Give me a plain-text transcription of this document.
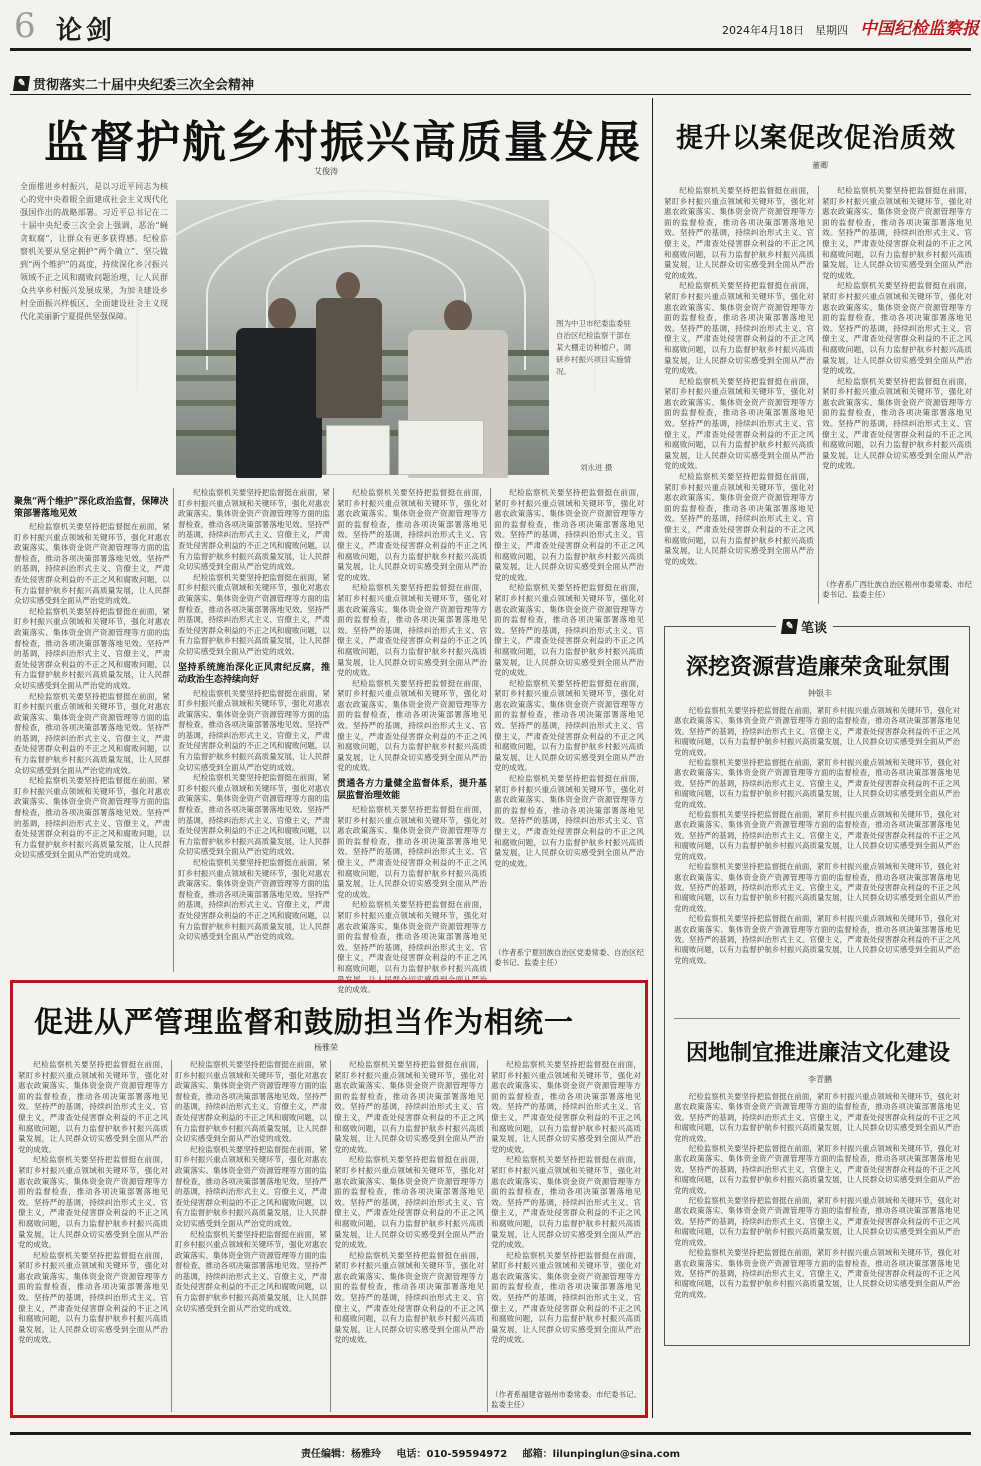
6 论剑	2024年4月18日 星期四 中国纪检监察报
✎ 贯彻落实二十届中央纪委三次全会精神
监督护航乡村振兴高质量发展
艾俊涛
全面推进乡村振兴，是以习近平同志为核心的党中央着眼全面建成社会主义现代化强国作出的战略部署。习近平总书记在二十届中央纪委三次全会上强调，恶治“蝇贪蚁腐”，让群众有更多获得感。纪检监察机关要从坚定拥护“两个确立”、坚决做到“两个维护”的高度，持续深化乡村振兴领域不正之风和腐败问题治理，让人民群众共享乡村振兴发展成果，为加快建设乡村全面振兴样板区、全面建设社会主义现代化美丽新宁夏提供坚强保障。
图为中卫市纪委监委驻自治区纪检监察干部在某大棚走访种植户，调研乡村振兴项目实施情况。
刘永进 摄
聚焦“两个维护”深化政治监督，保障决策部署落地见效

纪检监察机关要坚持把监督挺在前面，紧盯乡村振兴重点领域和关键环节，强化对惠农政策落实、集体资金资产资源管理等方面的监督检查，推动各项决策部署落地见效。坚持严的基调，持续纠治形式主义、官僚主义，严肃查处侵害群众利益的不正之风和腐败问题，以有力监督护航乡村振兴高质量发展，让人民群众切实感受到全面从严治党的成效。

纪检监察机关要坚持把监督挺在前面，紧盯乡村振兴重点领域和关键环节，强化对惠农政策落实、集体资金资产资源管理等方面的监督检查，推动各项决策部署落地见效。坚持严的基调，持续纠治形式主义、官僚主义，严肃查处侵害群众利益的不正之风和腐败问题，以有力监督护航乡村振兴高质量发展，让人民群众切实感受到全面从严治党的成效。

纪检监察机关要坚持把监督挺在前面，紧盯乡村振兴重点领域和关键环节，强化对惠农政策落实、集体资金资产资源管理等方面的监督检查，推动各项决策部署落地见效。坚持严的基调，持续纠治形式主义、官僚主义，严肃查处侵害群众利益的不正之风和腐败问题，以有力监督护航乡村振兴高质量发展，让人民群众切实感受到全面从严治党的成效。

纪检监察机关要坚持把监督挺在前面，紧盯乡村振兴重点领域和关键环节，强化对惠农政策落实、集体资金资产资源管理等方面的监督检查，推动各项决策部署落地见效。坚持严的基调，持续纠治形式主义、官僚主义，严肃查处侵害群众利益的不正之风和腐败问题，以有力监督护航乡村振兴高质量发展，让人民群众切实感受到全面从严治党的成效。

纪检监察机关要坚持把监督挺在前面，紧盯乡村振兴重点领域和关键环节，强化对惠农政策落实、集体资金资产资源管理等方面的监督检查，推动各项决策部署落地见效。坚持严的基调，持续纠治形式主义、官僚主义，严肃查处侵害群众利益的不正之风和腐败问题，以有力监督护航乡村振兴高质量发展，让人民群众切实感受到全面从严治党的成效。

纪检监察机关要坚持把监督挺在前面，紧盯乡村振兴重点领域和关键环节，强化对惠农政策落实、集体资金资产资源管理等方面的监督检查，推动各项决策部署落地见效。坚持严的基调，持续纠治形式主义、官僚主义，严肃查处侵害群众利益的不正之风和腐败问题，以有力监督护航乡村振兴高质量发展，让人民群众切实感受到全面从严治党的成效。

坚持系统施治深化正风肃纪反腐，推动政治生态持续向好

纪检监察机关要坚持把监督挺在前面，紧盯乡村振兴重点领域和关键环节，强化对惠农政策落实、集体资金资产资源管理等方面的监督检查，推动各项决策部署落地见效。坚持严的基调，持续纠治形式主义、官僚主义，严肃查处侵害群众利益的不正之风和腐败问题，以有力监督护航乡村振兴高质量发展，让人民群众切实感受到全面从严治党的成效。

纪检监察机关要坚持把监督挺在前面，紧盯乡村振兴重点领域和关键环节，强化对惠农政策落实、集体资金资产资源管理等方面的监督检查，推动各项决策部署落地见效。坚持严的基调，持续纠治形式主义、官僚主义，严肃查处侵害群众利益的不正之风和腐败问题，以有力监督护航乡村振兴高质量发展，让人民群众切实感受到全面从严治党的成效。

纪检监察机关要坚持把监督挺在前面，紧盯乡村振兴重点领域和关键环节，强化对惠农政策落实、集体资金资产资源管理等方面的监督检查，推动各项决策部署落地见效。坚持严的基调，持续纠治形式主义、官僚主义，严肃查处侵害群众利益的不正之风和腐败问题，以有力监督护航乡村振兴高质量发展，让人民群众切实感受到全面从严治党的成效。

纪检监察机关要坚持把监督挺在前面，紧盯乡村振兴重点领域和关键环节，强化对惠农政策落实、集体资金资产资源管理等方面的监督检查，推动各项决策部署落地见效。坚持严的基调，持续纠治形式主义、官僚主义，严肃查处侵害群众利益的不正之风和腐败问题，以有力监督护航乡村振兴高质量发展，让人民群众切实感受到全面从严治党的成效。

纪检监察机关要坚持把监督挺在前面，紧盯乡村振兴重点领域和关键环节，强化对惠农政策落实、集体资金资产资源管理等方面的监督检查，推动各项决策部署落地见效。坚持严的基调，持续纠治形式主义、官僚主义，严肃查处侵害群众利益的不正之风和腐败问题，以有力监督护航乡村振兴高质量发展，让人民群众切实感受到全面从严治党的成效。

纪检监察机关要坚持把监督挺在前面，紧盯乡村振兴重点领域和关键环节，强化对惠农政策落实、集体资金资产资源管理等方面的监督检查，推动各项决策部署落地见效。坚持严的基调，持续纠治形式主义、官僚主义，严肃查处侵害群众利益的不正之风和腐败问题，以有力监督护航乡村振兴高质量发展，让人民群众切实感受到全面从严治党的成效。

贯通各方力量健全监督体系，提升基层监督治理效能

纪检监察机关要坚持把监督挺在前面，紧盯乡村振兴重点领域和关键环节，强化对惠农政策落实、集体资金资产资源管理等方面的监督检查，推动各项决策部署落地见效。坚持严的基调，持续纠治形式主义、官僚主义，严肃查处侵害群众利益的不正之风和腐败问题，以有力监督护航乡村振兴高质量发展，让人民群众切实感受到全面从严治党的成效。

纪检监察机关要坚持把监督挺在前面，紧盯乡村振兴重点领域和关键环节，强化对惠农政策落实、集体资金资产资源管理等方面的监督检查，推动各项决策部署落地见效。坚持严的基调，持续纠治形式主义、官僚主义，严肃查处侵害群众利益的不正之风和腐败问题，以有力监督护航乡村振兴高质量发展，让人民群众切实感受到全面从严治党的成效。

纪检监察机关要坚持把监督挺在前面，紧盯乡村振兴重点领域和关键环节，强化对惠农政策落实、集体资金资产资源管理等方面的监督检查，推动各项决策部署落地见效。坚持严的基调，持续纠治形式主义、官僚主义，严肃查处侵害群众利益的不正之风和腐败问题，以有力监督护航乡村振兴高质量发展，让人民群众切实感受到全面从严治党的成效。

纪检监察机关要坚持把监督挺在前面，紧盯乡村振兴重点领域和关键环节，强化对惠农政策落实、集体资金资产资源管理等方面的监督检查，推动各项决策部署落地见效。坚持严的基调，持续纠治形式主义、官僚主义，严肃查处侵害群众利益的不正之风和腐败问题，以有力监督护航乡村振兴高质量发展，让人民群众切实感受到全面从严治党的成效。

纪检监察机关要坚持把监督挺在前面，紧盯乡村振兴重点领域和关键环节，强化对惠农政策落实、集体资金资产资源管理等方面的监督检查，推动各项决策部署落地见效。坚持严的基调，持续纠治形式主义、官僚主义，严肃查处侵害群众利益的不正之风和腐败问题，以有力监督护航乡村振兴高质量发展，让人民群众切实感受到全面从严治党的成效。

纪检监察机关要坚持把监督挺在前面，紧盯乡村振兴重点领域和关键环节，强化对惠农政策落实、集体资金资产资源管理等方面的监督检查，推动各项决策部署落地见效。坚持严的基调，持续纠治形式主义、官僚主义，严肃查处侵害群众利益的不正之风和腐败问题，以有力监督护航乡村振兴高质量发展，让人民群众切实感受到全面从严治党的成效。

（作者系宁夏回族自治区党委常委、自治区纪委书记、监委主任）
提升以案促改促治质效
董卿

纪检监察机关要坚持把监督挺在前面，紧盯乡村振兴重点领域和关键环节，强化对惠农政策落实、集体资金资产资源管理等方面的监督检查，推动各项决策部署落地见效。坚持严的基调，持续纠治形式主义、官僚主义，严肃查处侵害群众利益的不正之风和腐败问题，以有力监督护航乡村振兴高质量发展，让人民群众切实感受到全面从严治党的成效。

纪检监察机关要坚持把监督挺在前面，紧盯乡村振兴重点领域和关键环节，强化对惠农政策落实、集体资金资产资源管理等方面的监督检查，推动各项决策部署落地见效。坚持严的基调，持续纠治形式主义、官僚主义，严肃查处侵害群众利益的不正之风和腐败问题，以有力监督护航乡村振兴高质量发展，让人民群众切实感受到全面从严治党的成效。

纪检监察机关要坚持把监督挺在前面，紧盯乡村振兴重点领域和关键环节，强化对惠农政策落实、集体资金资产资源管理等方面的监督检查，推动各项决策部署落地见效。坚持严的基调，持续纠治形式主义、官僚主义，严肃查处侵害群众利益的不正之风和腐败问题，以有力监督护航乡村振兴高质量发展，让人民群众切实感受到全面从严治党的成效。

纪检监察机关要坚持把监督挺在前面，紧盯乡村振兴重点领域和关键环节，强化对惠农政策落实、集体资金资产资源管理等方面的监督检查，推动各项决策部署落地见效。坚持严的基调，持续纠治形式主义、官僚主义，严肃查处侵害群众利益的不正之风和腐败问题，以有力监督护航乡村振兴高质量发展，让人民群众切实感受到全面从严治党的成效。

纪检监察机关要坚持把监督挺在前面，紧盯乡村振兴重点领域和关键环节，强化对惠农政策落实、集体资金资产资源管理等方面的监督检查，推动各项决策部署落地见效。坚持严的基调，持续纠治形式主义、官僚主义，严肃查处侵害群众利益的不正之风和腐败问题，以有力监督护航乡村振兴高质量发展，让人民群众切实感受到全面从严治党的成效。

纪检监察机关要坚持把监督挺在前面，紧盯乡村振兴重点领域和关键环节，强化对惠农政策落实、集体资金资产资源管理等方面的监督检查，推动各项决策部署落地见效。坚持严的基调，持续纠治形式主义、官僚主义，严肃查处侵害群众利益的不正之风和腐败问题，以有力监督护航乡村振兴高质量发展，让人民群众切实感受到全面从严治党的成效。

纪检监察机关要坚持把监督挺在前面，紧盯乡村振兴重点领域和关键环节，强化对惠农政策落实、集体资金资产资源管理等方面的监督检查，推动各项决策部署落地见效。坚持严的基调，持续纠治形式主义、官僚主义，严肃查处侵害群众利益的不正之风和腐败问题，以有力监督护航乡村振兴高质量发展，让人民群众切实感受到全面从严治党的成效。

（作者系广西壮族自治区梧州市委常委、市纪委书记、监委主任）
✎ 笔谈
深挖资源营造廉荣贪耻氛围
钟银丰

纪检监察机关要坚持把监督挺在前面，紧盯乡村振兴重点领域和关键环节，强化对惠农政策落实、集体资金资产资源管理等方面的监督检查，推动各项决策部署落地见效。坚持严的基调，持续纠治形式主义、官僚主义，严肃查处侵害群众利益的不正之风和腐败问题，以有力监督护航乡村振兴高质量发展，让人民群众切实感受到全面从严治党的成效。

纪检监察机关要坚持把监督挺在前面，紧盯乡村振兴重点领域和关键环节，强化对惠农政策落实、集体资金资产资源管理等方面的监督检查，推动各项决策部署落地见效。坚持严的基调，持续纠治形式主义、官僚主义，严肃查处侵害群众利益的不正之风和腐败问题，以有力监督护航乡村振兴高质量发展，让人民群众切实感受到全面从严治党的成效。

纪检监察机关要坚持把监督挺在前面，紧盯乡村振兴重点领域和关键环节，强化对惠农政策落实、集体资金资产资源管理等方面的监督检查，推动各项决策部署落地见效。坚持严的基调，持续纠治形式主义、官僚主义，严肃查处侵害群众利益的不正之风和腐败问题，以有力监督护航乡村振兴高质量发展，让人民群众切实感受到全面从严治党的成效。

纪检监察机关要坚持把监督挺在前面，紧盯乡村振兴重点领域和关键环节，强化对惠农政策落实、集体资金资产资源管理等方面的监督检查，推动各项决策部署落地见效。坚持严的基调，持续纠治形式主义、官僚主义，严肃查处侵害群众利益的不正之风和腐败问题，以有力监督护航乡村振兴高质量发展，让人民群众切实感受到全面从严治党的成效。

纪检监察机关要坚持把监督挺在前面，紧盯乡村振兴重点领域和关键环节，强化对惠农政策落实、集体资金资产资源管理等方面的监督检查，推动各项决策部署落地见效。坚持严的基调，持续纠治形式主义、官僚主义，严肃查处侵害群众利益的不正之风和腐败问题，以有力监督护航乡村振兴高质量发展，让人民群众切实感受到全面从严治党的成效。

因地制宜推进廉洁文化建设
李青鹏

纪检监察机关要坚持把监督挺在前面，紧盯乡村振兴重点领域和关键环节，强化对惠农政策落实、集体资金资产资源管理等方面的监督检查，推动各项决策部署落地见效。坚持严的基调，持续纠治形式主义、官僚主义，严肃查处侵害群众利益的不正之风和腐败问题，以有力监督护航乡村振兴高质量发展，让人民群众切实感受到全面从严治党的成效。

纪检监察机关要坚持把监督挺在前面，紧盯乡村振兴重点领域和关键环节，强化对惠农政策落实、集体资金资产资源管理等方面的监督检查，推动各项决策部署落地见效。坚持严的基调，持续纠治形式主义、官僚主义，严肃查处侵害群众利益的不正之风和腐败问题，以有力监督护航乡村振兴高质量发展，让人民群众切实感受到全面从严治党的成效。

纪检监察机关要坚持把监督挺在前面，紧盯乡村振兴重点领域和关键环节，强化对惠农政策落实、集体资金资产资源管理等方面的监督检查，推动各项决策部署落地见效。坚持严的基调，持续纠治形式主义、官僚主义，严肃查处侵害群众利益的不正之风和腐败问题，以有力监督护航乡村振兴高质量发展，让人民群众切实感受到全面从严治党的成效。

纪检监察机关要坚持把监督挺在前面，紧盯乡村振兴重点领域和关键环节，强化对惠农政策落实、集体资金资产资源管理等方面的监督检查，推动各项决策部署落地见效。坚持严的基调，持续纠治形式主义、官僚主义，严肃查处侵害群众利益的不正之风和腐败问题，以有力监督护航乡村振兴高质量发展，让人民群众切实感受到全面从严治党的成效。

促进从严管理监督和鼓励担当作为相统一
杨雅荣

纪检监察机关要坚持把监督挺在前面，紧盯乡村振兴重点领域和关键环节，强化对惠农政策落实、集体资金资产资源管理等方面的监督检查，推动各项决策部署落地见效。坚持严的基调，持续纠治形式主义、官僚主义，严肃查处侵害群众利益的不正之风和腐败问题，以有力监督护航乡村振兴高质量发展，让人民群众切实感受到全面从严治党的成效。

纪检监察机关要坚持把监督挺在前面，紧盯乡村振兴重点领域和关键环节，强化对惠农政策落实、集体资金资产资源管理等方面的监督检查，推动各项决策部署落地见效。坚持严的基调，持续纠治形式主义、官僚主义，严肃查处侵害群众利益的不正之风和腐败问题，以有力监督护航乡村振兴高质量发展，让人民群众切实感受到全面从严治党的成效。

纪检监察机关要坚持把监督挺在前面，紧盯乡村振兴重点领域和关键环节，强化对惠农政策落实、集体资金资产资源管理等方面的监督检查，推动各项决策部署落地见效。坚持严的基调，持续纠治形式主义、官僚主义，严肃查处侵害群众利益的不正之风和腐败问题，以有力监督护航乡村振兴高质量发展，让人民群众切实感受到全面从严治党的成效。

纪检监察机关要坚持把监督挺在前面，紧盯乡村振兴重点领域和关键环节，强化对惠农政策落实、集体资金资产资源管理等方面的监督检查，推动各项决策部署落地见效。坚持严的基调，持续纠治形式主义、官僚主义，严肃查处侵害群众利益的不正之风和腐败问题，以有力监督护航乡村振兴高质量发展，让人民群众切实感受到全面从严治党的成效。

纪检监察机关要坚持把监督挺在前面，紧盯乡村振兴重点领域和关键环节，强化对惠农政策落实、集体资金资产资源管理等方面的监督检查，推动各项决策部署落地见效。坚持严的基调，持续纠治形式主义、官僚主义，严肃查处侵害群众利益的不正之风和腐败问题，以有力监督护航乡村振兴高质量发展，让人民群众切实感受到全面从严治党的成效。

纪检监察机关要坚持把监督挺在前面，紧盯乡村振兴重点领域和关键环节，强化对惠农政策落实、集体资金资产资源管理等方面的监督检查，推动各项决策部署落地见效。坚持严的基调，持续纠治形式主义、官僚主义，严肃查处侵害群众利益的不正之风和腐败问题，以有力监督护航乡村振兴高质量发展，让人民群众切实感受到全面从严治党的成效。

纪检监察机关要坚持把监督挺在前面，紧盯乡村振兴重点领域和关键环节，强化对惠农政策落实、集体资金资产资源管理等方面的监督检查，推动各项决策部署落地见效。坚持严的基调，持续纠治形式主义、官僚主义，严肃查处侵害群众利益的不正之风和腐败问题，以有力监督护航乡村振兴高质量发展，让人民群众切实感受到全面从严治党的成效。

纪检监察机关要坚持把监督挺在前面，紧盯乡村振兴重点领域和关键环节，强化对惠农政策落实、集体资金资产资源管理等方面的监督检查，推动各项决策部署落地见效。坚持严的基调，持续纠治形式主义、官僚主义，严肃查处侵害群众利益的不正之风和腐败问题，以有力监督护航乡村振兴高质量发展，让人民群众切实感受到全面从严治党的成效。

纪检监察机关要坚持把监督挺在前面，紧盯乡村振兴重点领域和关键环节，强化对惠农政策落实、集体资金资产资源管理等方面的监督检查，推动各项决策部署落地见效。坚持严的基调，持续纠治形式主义、官僚主义，严肃查处侵害群众利益的不正之风和腐败问题，以有力监督护航乡村振兴高质量发展，让人民群众切实感受到全面从严治党的成效。

纪检监察机关要坚持把监督挺在前面，紧盯乡村振兴重点领域和关键环节，强化对惠农政策落实、集体资金资产资源管理等方面的监督检查，推动各项决策部署落地见效。坚持严的基调，持续纠治形式主义、官僚主义，严肃查处侵害群众利益的不正之风和腐败问题，以有力监督护航乡村振兴高质量发展，让人民群众切实感受到全面从严治党的成效。

纪检监察机关要坚持把监督挺在前面，紧盯乡村振兴重点领域和关键环节，强化对惠农政策落实、集体资金资产资源管理等方面的监督检查，推动各项决策部署落地见效。坚持严的基调，持续纠治形式主义、官僚主义，严肃查处侵害群众利益的不正之风和腐败问题，以有力监督护航乡村振兴高质量发展，让人民群众切实感受到全面从严治党的成效。

纪检监察机关要坚持把监督挺在前面，紧盯乡村振兴重点领域和关键环节，强化对惠农政策落实、集体资金资产资源管理等方面的监督检查，推动各项决策部署落地见效。坚持严的基调，持续纠治形式主义、官僚主义，严肃查处侵害群众利益的不正之风和腐败问题，以有力监督护航乡村振兴高质量发展，让人民群众切实感受到全面从严治党的成效。

（作者系福建省福州市委常委、市纪委书记、监委主任）
责任编辑：杨雅玲 电话：010-59594972 邮箱：lilunpinglun@sina.com
